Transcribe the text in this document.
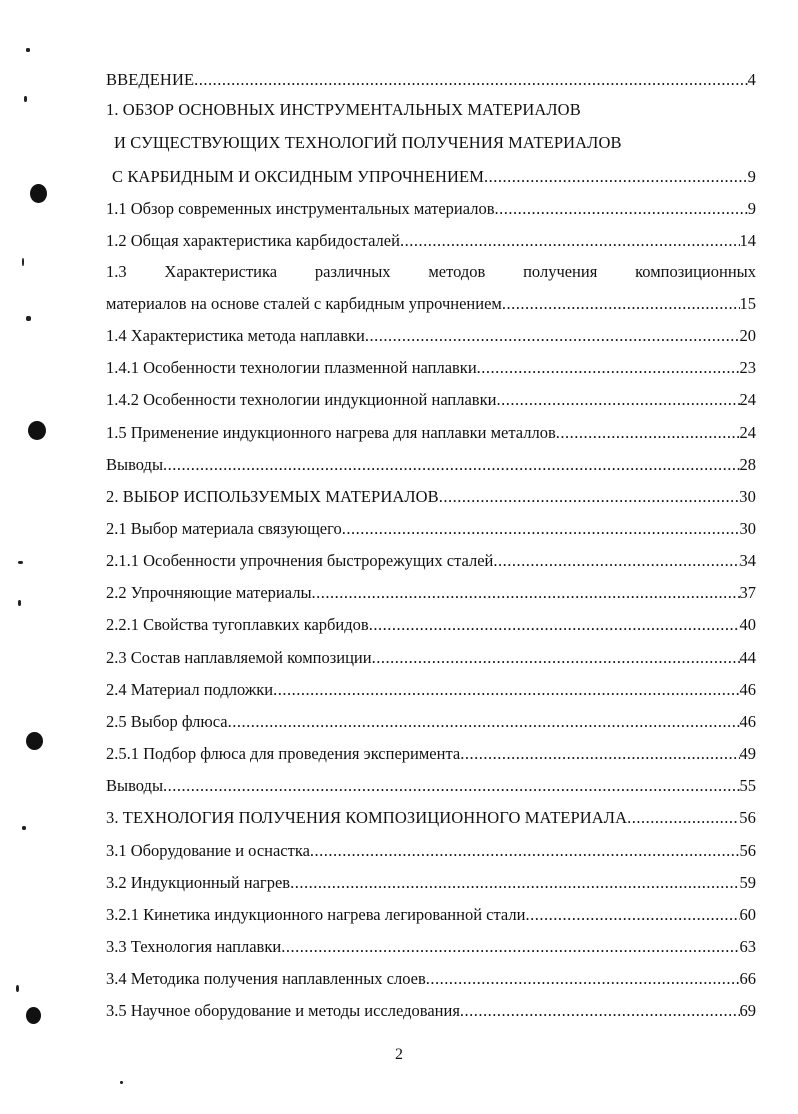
ВВЕДЕНИЕ .....	4
1. ОБЗОР ОСНОВНЫХ ИНСТРУМЕНТАЛЬНЫХ МАТЕРИАЛОВ
И СУЩЕСТВУЮЩИХ ТЕХНОЛОГИЙ ПОЛУЧЕНИЯ МАТЕРИАЛОВ
С КАРБИДНЫМ И ОКСИДНЫМ УПРОЧНЕНИЕМ .....	9
1.1 Обзор современных инструментальных материалов .....	9
1.2 Общая характеристика карбидосталей .....	14
1.3 Характеристика различных методов получения композиционных
материалов на основе сталей с карбидным упрочнением .....	15
1.4 Характеристика метода наплавки .....	20
1.4.1 Особенности технологии плазменной наплавки .....	23
1.4.2 Особенности технологии индукционной наплавки .....	24
1.5 Применение индукционного нагрева для наплавки металлов .....	24
Выводы .....	28
2. ВЫБОР ИСПОЛЬЗУЕМЫХ МАТЕРИАЛОВ .....	30
2.1 Выбор материала связующего .....	30
2.1.1 Особенности упрочнения быстрорежущих сталей .....	34
2.2 Упрочняющие материалы .....	37
2.2.1 Свойства тугоплавких карбидов .....	40
2.3 Состав наплавляемой композиции .....	44
2.4 Материал подложки .....	46
2.5 Выбор флюса .....	46
2.5.1 Подбор флюса для проведения эксперимента .....	49
Выводы .....	55
3. ТЕХНОЛОГИЯ ПОЛУЧЕНИЯ КОМПОЗИЦИОННОГО МАТЕРИАЛА .....	56
3.1 Оборудование и оснастка .....	56
3.2 Индукционный нагрев .....	59
3.2.1 Кинетика индукционного нагрева легированной стали .....	60
3.3 Технология наплавки .....	63
3.4 Методика получения наплавленных слоев .....	66
3.5 Научное оборудование и методы исследования .....	69
2
